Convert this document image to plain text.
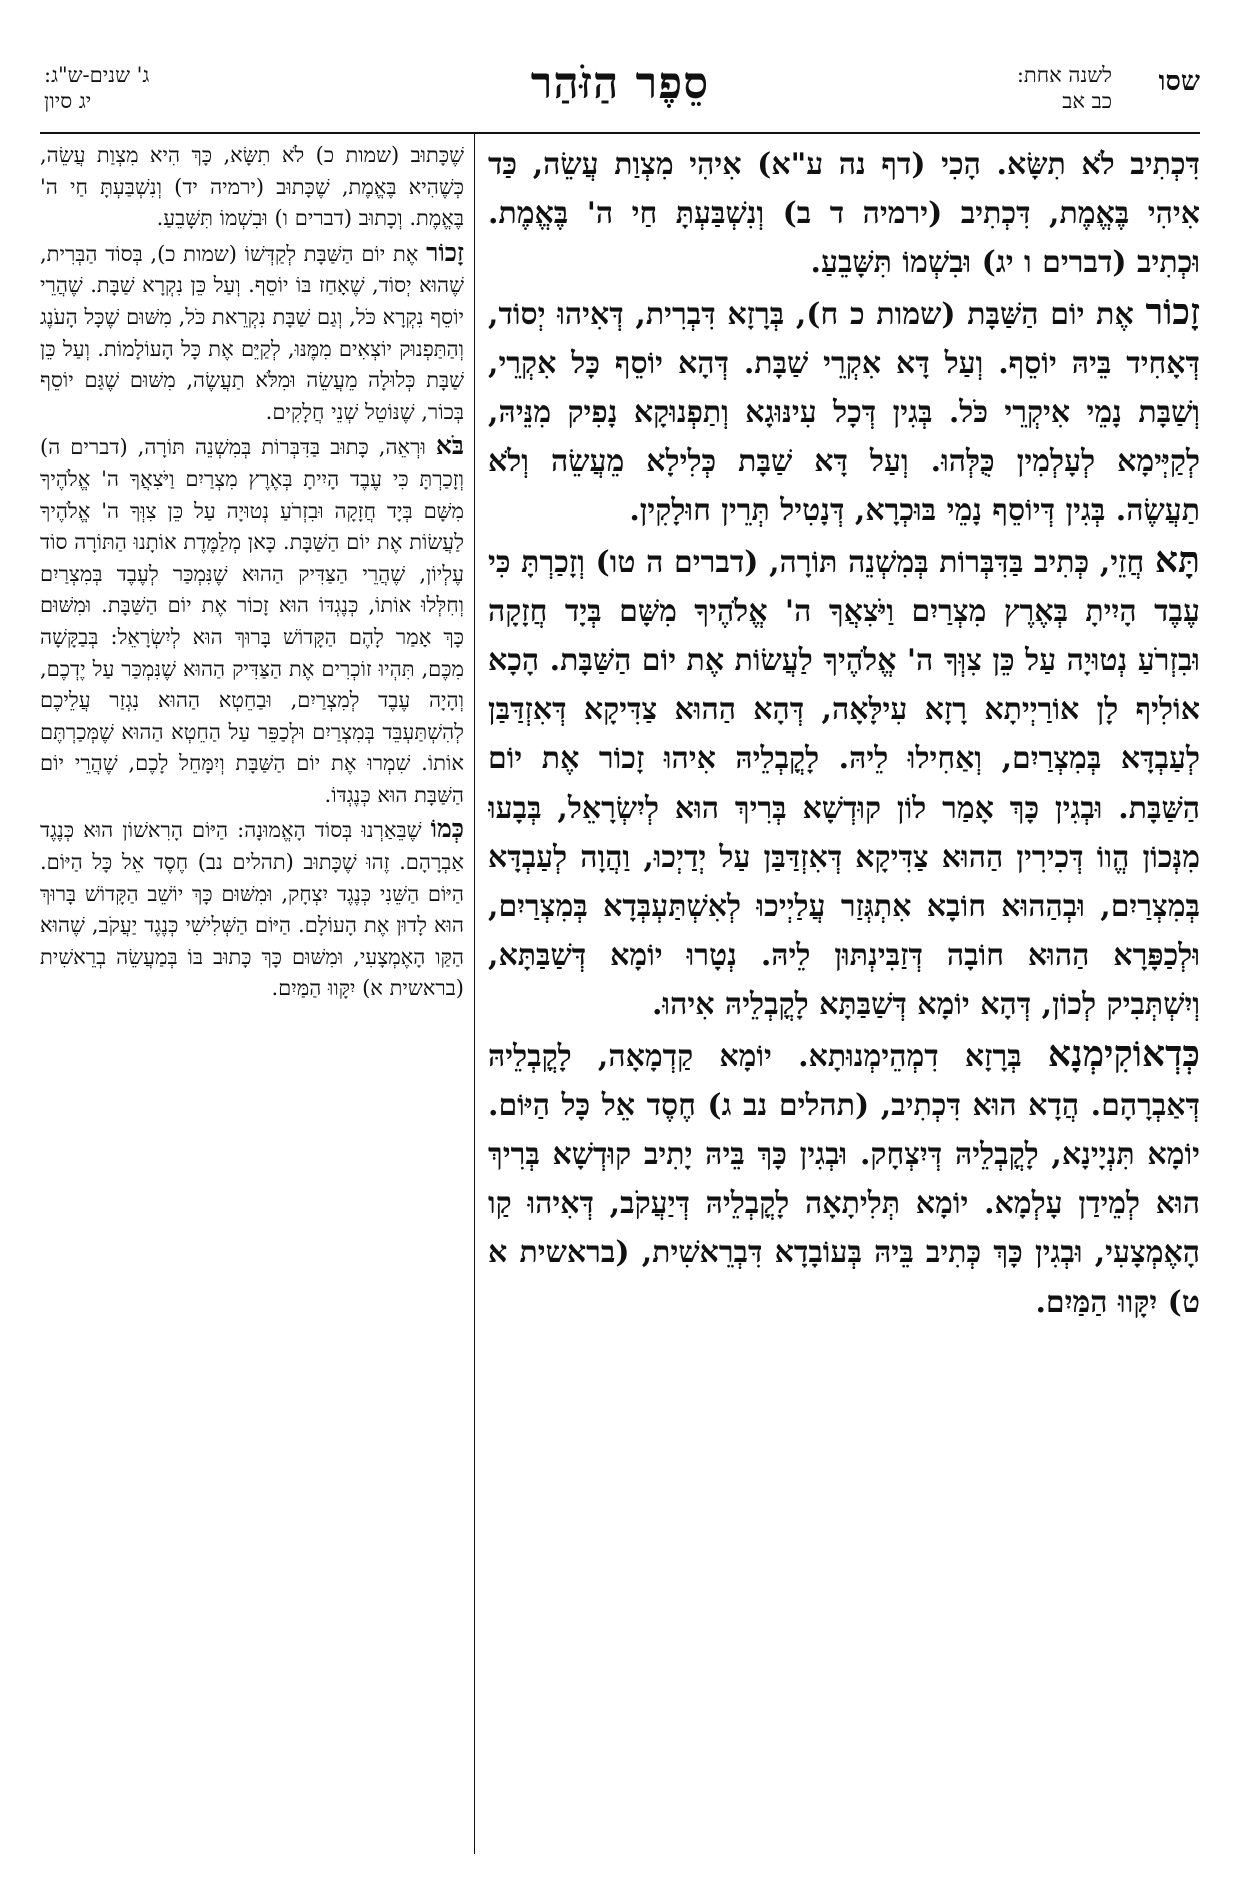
שסו
לשנה אחת:
כב אב
סֵפֶר הַזֹּהַר
ג' שנים-ש"ג:
יג סיון

דִּכְתִיב לֹא תִשָּׂא. הָכִי (דף נה ע"א) אִיהִי מִצְוַת עֲשֵׂה, כַּד אִיהִי בֶּאֱמֶת, דִּכְתִיב (ירמיה ד ב) וְנִשְׁבַּעְתָּ חַי ה' בֶּאֱמֶת. וּכְתִיב (דברים ו יג) וּבִשְׁמוֹ תִּשָּׁבֵעַ.

זָכוֹר אֶת יוֹם הַשַּׁבָּת (שמות כ ח), בְּרָזָא דִּבְרִית, דְּאִיהוּ יְסוֹד, דְּאָחִיד בֵּיהּ יוֹסֵף. וְעַל דָּא אִקְרֵי שַׁבָּת. דְּהָא יוֹסֵף כָּל אִקְרֵי, וְשַׁבָּת נָמֵי אִיקְרֵי כֹּל. בְּגִין דְּכָל עִינּוּגָא וְתַפְנוּקָא נָפִיק מִנֵּיהּ, לְקַיְּימָא לְעָלְמִין כֻּלְּהוּ. וְעַל דָּא שַׁבָּת כְּלִילָא מֵעֲשֵׂה וְלֹא תַעֲשֶׂה. בְּגִין דְּיוֹסֵף נָמֵי בּוּכְרָא, דְּנָטִיל תְּרֵין חוּלָקִין.

תָּא חֲזֵי, כְּתִיב בַּדִּבְּרוֹת בְּמִשְׁנֵה תּוֹרָה, (דברים ה טו) וְזָכַרְתָּ כִּי עֶבֶד הָיִיתָ בְּאֶרֶץ מִצְרַיִם וַיֹּצִאֲךָ ה' אֱלֹהֶיךָ מִשָּׁם בְּיָד חֲזָקָה וּבִזְרֹעַ נְטוּיָה עַל כֵּן צִוְּךָ ה' אֱלֹהֶיךָ לַעֲשׂוֹת אֶת יוֹם הַשַּׁבָּת. הָכָא אוֹלִיף לָן אוֹרַיְיתָא רָזָא עִילָּאָה, דְּהָא הַהוּא צַדִּיקָא דְּאִזְדַּבַּן לְעַבְדָּא בְּמִצְרַיִם, וְאַחִילוּ לֵיהּ. לָקֳבְלֵיהּ אִיהוּ זָכוֹר אֶת יוֹם הַשַּׁבָּת. וּבְגִין כָּךְ אָמַר לוֹן קוּדְשָׁא בְּרִיךְ הוּא לְיִשְׂרָאֵל, בְּבָעוּ מִנְּכוֹן הֱווֹ דְּכִירִין הַהוּא צַדִּיקָא דְּאִזְדַּבַּן עַל יְדַיְכוּ, וַהֲוָה לְעַבְדָּא בְּמִצְרַיִם, וּבְהַהוּא חוֹבָא אִתְגְּזַר עֲלַיְיכוּ לְאִשְׁתַּעְבְּדָא בְּמִצְרַיִם, וּלְכַפָּרָא הַהוּא חוֹבָה דְּזַבִּינְתּוּן לֵיהּ. נְטָרוּ יוֹמָא דְּשַׁבַּתָּא, וְיִשְׁתְּבִיק לְכוֹן, דְּהָא יוֹמָא דְּשַׁבַּתָּא לָקֳבְלֵיהּ אִיהוּ.

כְּדְאוֹקִימְנָא בְּרָזָא דִמְהֵימְנוּתָא. יוֹמָא קַדְמָאָה, לָקֳבְלֵיהּ דְּאַבְרָהָם. הֲדָא הוּא דִּכְתִיב, (תהלים נב ג) חֶסֶד אֵל כָּל הַיּוֹם. יוֹמָא תִּנְיָינָא, לָקֳבְלֵיהּ דְּיִצְחָק. וּבְגִין כָּךְ בֵּיהּ יָתִיב קוּדְשָׁא בְּרִיךְ הוּא לְמֵידַן עָלְמָא. יוֹמָא תְּלִיתָאָה לָקֳבְלֵיהּ דְּיַעֲקֹב, דְּאִיהוּ קַו הָאֶמְצָעִי, וּבְגִין כָּךְ כְּתִיב בֵּיהּ בְּעוֹבָדָא דִּבְרֵאשִׁית, (בראשית א ט) יִקָּווּ הַמַּיִם.

שֶׁכָּתוּב (שמות כ) לֹא תִשָּׂא, כָּךְ הִיא מִצְוַת עֲשֵׂה, כְּשֶׁהִיא בֶּאֱמֶת, שֶׁכָּתוּב (ירמיה יד) וְנִשְׁבַּעְתָּ חַי ה' בֶּאֱמֶת. וְכָתוּב (דברים ו) וּבִשְׁמוֹ תִּשָּׁבֵעַ.

זָכוֹר אֶת יוֹם הַשַּׁבָּת לְקַדְּשׁוֹ (שמות כ), בְּסוֹד הַבְּרִית, שֶׁהוּא יְסוֹד, שֶׁאָחַז בּוֹ יוֹסֵף. וְעַל כֵּן נִקְרָא שַׁבָּת. שֶׁהֲרֵי יוֹסֵף נִקְרָא כֹּל, וְגַם שַׁבָּת נִקְרֵאת כֹּל, מִשּׁוּם שֶׁכָּל הָעֹנֶג וְהַתַּפְנוּק יוֹצְאִים מִמֶּנּוּ, לְקַיֵּם אֶת כָּל הָעוֹלָמוֹת. וְעַל כֵּן שַׁבָּת כְּלוּלָה מֵעֲשֵׂה וּמִלֹּא תַעֲשֶׂה, מִשּׁוּם שֶׁגַּם יוֹסֵף בְּכוֹר, שֶׁנּוֹטֵל שְׁנֵי חֲלָקִים.

בֹּא וּרְאֵה, כָּתוּב בַּדִּבְּרוֹת בְּמִשְׁנֵה תּוֹרָה, (דברים ה) וְזָכַרְתָּ כִּי עֶבֶד הָיִיתָ בְּאֶרֶץ מִצְרַיִם וַיֹּצִאֲךָ ה' אֱלֹהֶיךָ מִשָּׁם בְּיָד חֲזָקָה וּבִזְרֹעַ נְטוּיָה עַל כֵּן צִוְּךָ ה' אֱלֹהֶיךָ לַעֲשׂוֹת אֶת יוֹם הַשַּׁבָּת. כָּאן מְלַמֶּדֶת אוֹתָנוּ הַתּוֹרָה סוֹד עֶלְיוֹן, שֶׁהֲרֵי הַצַּדִּיק הַהוּא שֶׁנִּמְכַּר לְעֶבֶד בְּמִצְרַיִם וְחִלְּלוּ אוֹתוֹ, כְּנֶגְדּוֹ הוּא זָכוֹר אֶת יוֹם הַשַּׁבָּת. וּמִשּׁוּם כָּךְ אָמַר לָהֶם הַקָּדוֹשׁ בָּרוּךְ הוּא לְיִשְׂרָאֵל: בְּבַקָּשָׁה מִכֶּם, תִּהְיוּ זוֹכְרִים אֶת הַצַּדִּיק הַהוּא שֶׁנִּמְכַּר עַל יֶדְכֶם, וְהָיָה עֶבֶד לְמִצְרַיִם, וּבַחֵטְא הַהוּא נִגְזַר עֲלֵיכֶם לְהִשְׁתַּעְבֵּד בְּמִצְרַיִם וּלְכַפֵּר עַל הַחֵטְא הַהוּא שֶׁמְּכַרְתֶּם אוֹתוֹ. שִׁמְרוּ אֶת יוֹם הַשַּׁבָּת וְיִמָּחֵל לָכֶם, שֶׁהֲרֵי יוֹם הַשַּׁבָּת הוּא כְּנֶגְדּוֹ.

כְּמוֹ שֶׁבֵּאַרְנוּ בְּסוֹד הָאֱמוּנָה: הַיּוֹם הָרִאשׁוֹן הוּא כְּנֶגֶד אַבְרָהָם. זֶהוּ שֶׁכָּתוּב (תהלים נב) חֶסֶד אֵל כָּל הַיּוֹם. הַיּוֹם הַשֵּׁנִי כְּנֶגֶד יִצְחָק, וּמִשּׁוּם כָּךְ יוֹשֵׁב הַקָּדוֹשׁ בָּרוּךְ הוּא לָדוּן אֶת הָעוֹלָם. הַיּוֹם הַשְּׁלִישִׁי כְּנֶגֶד יַעֲקֹב, שֶׁהוּא הַקַּו הָאֶמְצָעִי, וּמִשּׁוּם כָּךְ כָּתוּב בּוֹ בְּמַעֲשֵׂה בְרֵאשִׁית (בראשית א) יִקָּווּ הַמַּיִם.
